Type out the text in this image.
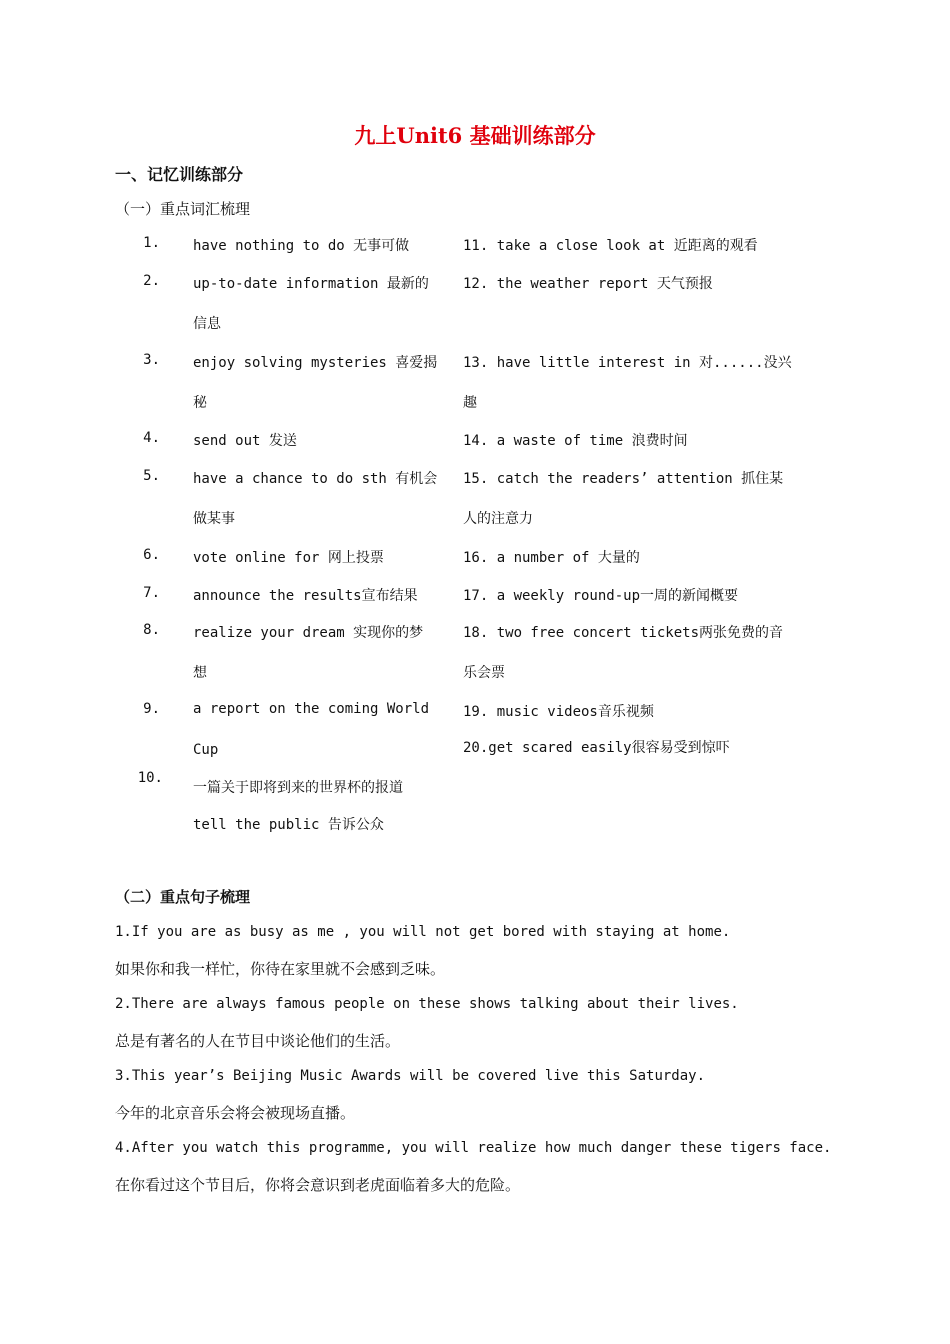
九上Unit6 基础训练部分
一、记忆训练部分
（一）重点词汇梳理
1. have nothing to do 无事可做
2. up-to-date information 最新的
信息
3. enjoy solving mysteries 喜爱揭
秘
4. send out 发送
5. have a chance to do sth 有机会
做某事
6. vote online for 网上投票
7. announce the results宣布结果
8. realize your dream 实现你的梦
想
9. a report on the coming World
Cup
10.
一篇关于即将到来的世界杯的报道
tell the public 告诉公众
11. take a close look at 近距离的观看
12. the weather report 天气预报
13. have little interest in 对......没兴
趣
14. a waste of time 浪费时间
15. catch the readers’ attention 抓住某
人的注意力
16. a number of 大量的
17. a weekly round-up一周的新闻概要
18. two free concert tickets两张免费的音
乐会票
19. music videos音乐视频
20.get scared easily很容易受到惊吓
（二）重点句子梳理
1.If you are as busy as me , you will not get bored with staying at home.
如果你和我一样忙，你待在家里就不会感到乏味。
2.There are always famous people on these shows talking about their lives.
总是有著名的人在节目中谈论他们的生活。
3.This year’s Beijing Music Awards will be covered live this Saturday.
今年的北京音乐会将会被现场直播。
4.After you watch this programme, you will realize how much danger these tigers face.
在你看过这个节目后，你将会意识到老虎面临着多大的危险。
